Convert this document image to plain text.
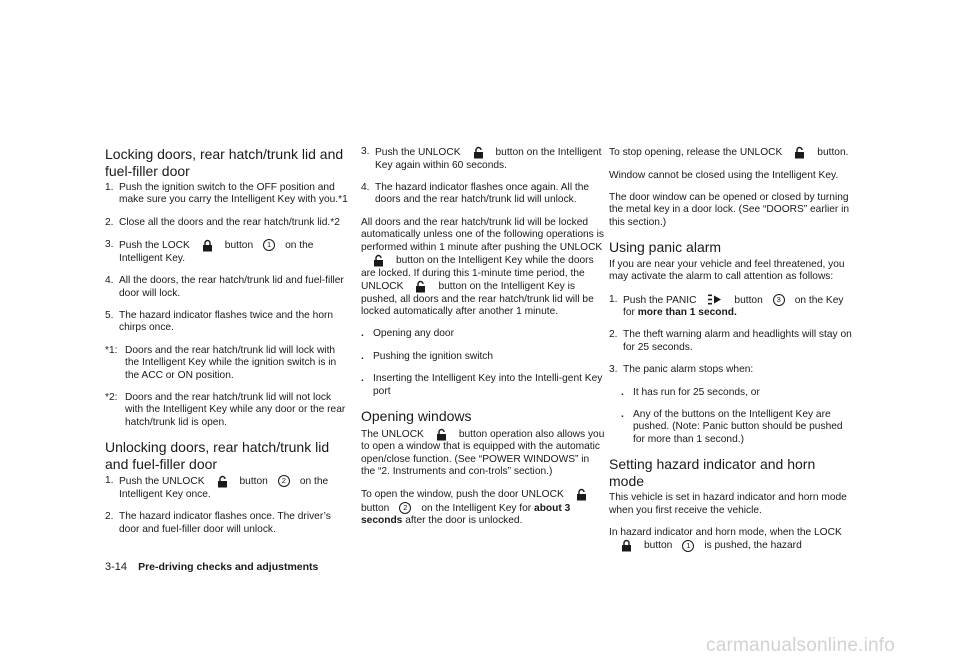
Locking doors, rear hatch/trunk lid and fuel-filler door
1. Push the ignition switch to the OFF position and make sure you carry the Intelligent Key with you.*1
2. Close all the doors and the rear hatch/trunk lid.*2
3. Push the LOCK	button 1 on the Intelligent Key.
4. All the doors, the rear hatch/trunk lid and fuel-filler door will lock.
5. The hazard indicator flashes twice and the horn chirps once.
*1: Doors and the rear hatch/trunk lid will lock with the Intelligent Key while the ignition switch is in the ACC or ON position.
*2: Doors and the rear hatch/trunk lid will not lock with the Intelligent Key while any door or the rear hatch/trunk lid is open.
Unlocking doors, rear hatch/trunk lid and fuel-filler door
1. Push the UNLOCK	button 2 on the Intelligent Key once.
2. The hazard indicator flashes once. The driver’s door and fuel-filler door will unlock.
3. Push the UNLOCK	button on the Intelligent Key again within 60 seconds.
4. The hazard indicator flashes once again. All the doors and the rear hatch/trunk lid will unlock.

All doors and the rear hatch/trunk lid will be locked automatically unless one of the following operations is performed within 1 minute after pushing the UNLOCK
button on the Intelligent Key while the doors are locked. If during this 1-minute time period, the UNLOCK	button on the Intelligent Key is pushed, all doors and the rear hatch/trunk lid will be locked automatically after another 1 minute.

. Opening any door
. Pushing the ignition switch
. Inserting the Intelligent Key into the Intelli-gent Key port
Opening windows

The UNLOCK	button operation also allows you to open a window that is equipped with the automatic open/close function. (See “POWER WINDOWS” in the “2. Instruments and con-trols” section.)

To open the window, push the door UNLOCK
button 2 on the Intelligent Key for about 3 seconds after the door is unlocked.

To stop opening, release the UNLOCK	button.

Window cannot be closed using the Intelligent Key.

The door window can be opened or closed by turning the metal key in a door lock. (See “DOORS” earlier in this section.)

Using panic alarm

If you are near your vehicle and feel threatened, you may activate the alarm to call attention as follows:

1. Push the PANIC	button 3 on the Key for more than 1 second.
2. The theft warning alarm and headlights will stay on for 25 seconds.
3. The panic alarm stops when:
. It has run for 25 seconds, or
. Any of the buttons on the Intelligent Key are pushed. (Note: Panic button should be pushed for more than 1 second.)
Setting hazard indicator and horn mode

This vehicle is set in hazard indicator and horn mode when you first receive the vehicle.

In hazard indicator and horn mode, when the LOCK
button 1 is pushed, the hazard

3-14 Pre-driving checks and adjustments
carmanualsonline.info
